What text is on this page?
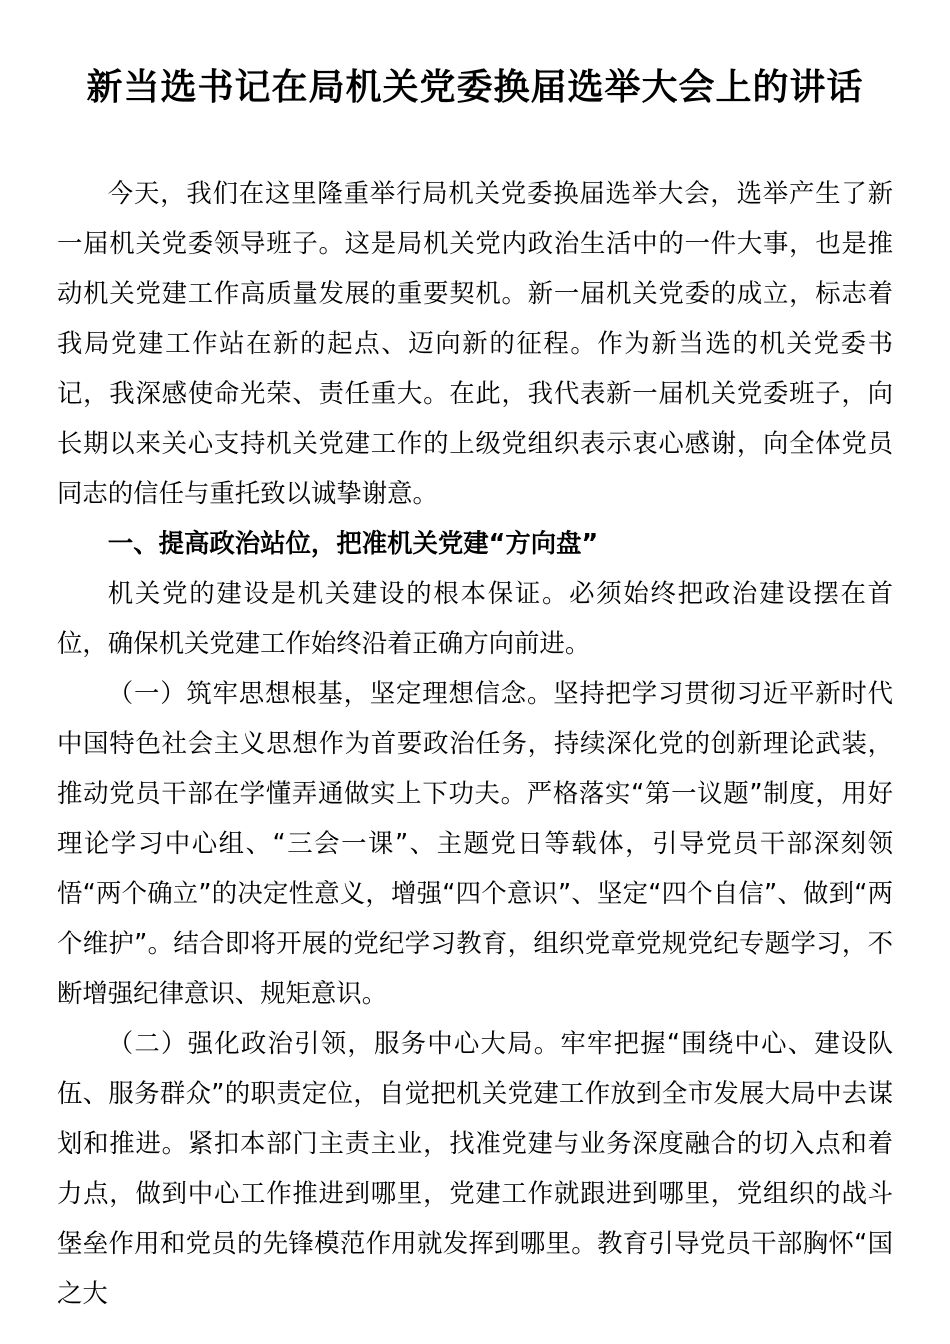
新当选书记在局机关党委换届选举大会上的讲话

今天，我们在这里隆重举行局机关党委换届选举大会，选举产生了新一届机关党委领导班子。这是局机关党内政治生活中的一件大事，也是推动机关党建工作高质量发展的重要契机。新一届机关党委的成立，标志着我局党建工作站在新的起点、迈向新的征程。作为新当选的机关党委书记，我深感使命光荣、责任重大。在此，我代表新一届机关党委班子，向长期以来关心支持机关党建工作的上级党组织表示衷心感谢，向全体党员同志的信任与重托致以诚挚谢意。

一、提高政治站位，把准机关党建“方向盘”

机关党的建设是机关建设的根本保证。必须始终把政治建设摆在首位，确保机关党建工作始终沿着正确方向前进。

（一）筑牢思想根基，坚定理想信念。坚持把学习贯彻习近平新时代中国特色社会主义思想作为首要政治任务，持续深化党的创新理论武装，推动党员干部在学懂弄通做实上下功夫。严格落实“第一议题”制度，用好理论学习中心组、“三会一课”、主题党日等载体，引导党员干部深刻领悟“两个确立”的决定性意义，增强“四个意识”、坚定“四个自信”、做到“两个维护”。结合即将开展的党纪学习教育，组织党章党规党纪专题学习，不断增强纪律意识、规矩意识。

（二）强化政治引领，服务中心大局。牢牢把握“围绕中心、建设队伍、服务群众”的职责定位，自觉把机关党建工作放到全市发展大局中去谋划和推进。紧扣本部门主责主业，找准党建与业务深度融合的切入点和着力点，做到中心工作推进到哪里，党建工作就跟进到哪里，党组织的战斗堡垒作用和党员的先锋模范作用就发挥到哪里。教育引导党员干部胸怀“国之大
